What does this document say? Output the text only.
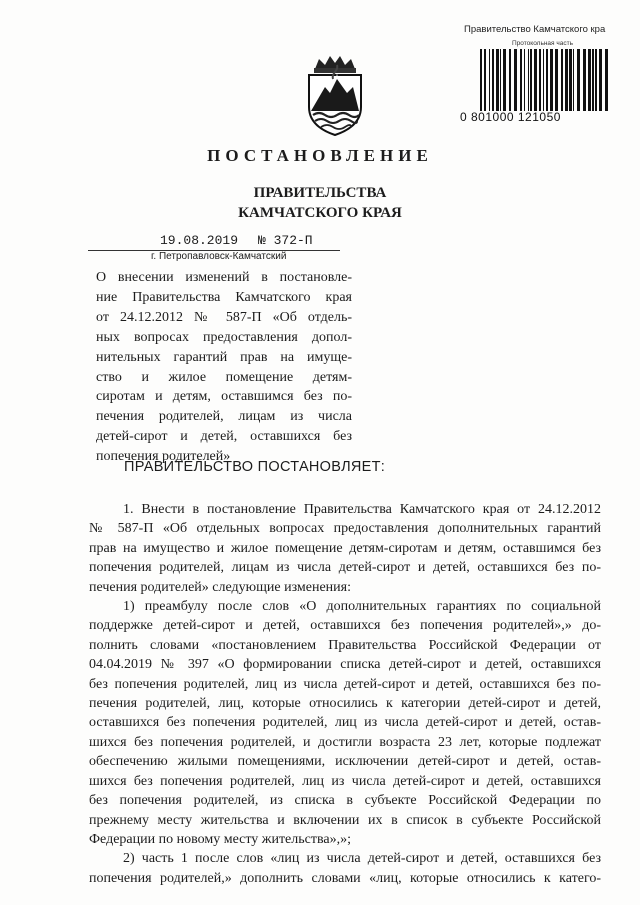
Правительство Камчатского кра
Протокольная часть
0 801000 121050
ПОСТАНОВЛЕНИЕ
ПРАВИТЕЛЬСТВА
КАМЧАТСКОГО КРАЯ
19.08.2019 № 372-П
г. Петропавловск-Камчатский
О внесении изменений в постановле-
ние Правительства Камчатского края
от 24.12.2012 № 587-П «Об отдель-
ных вопросах предоставления допол-
нительных гарантий прав на имуще-
ство и жилое помещение детям-
сиротам и детям, оставшимся без по-
печения родителей, лицам из числа
детей-сирот и детей, оставшихся без
попечения родителей»
ПРАВИТЕЛЬСТВО ПОСТАНОВЛЯЕТ:
1. Внести в постановление Правительства Камчатского края от 24.12.2012
№ 587-П «Об отдельных вопросах предоставления дополнительных гарантий
прав на имущество и жилое помещение детям-сиротам и детям, оставшимся без
попечения родителей, лицам из числа детей-сирот и детей, оставшихся без по-
печения родителей» следующие изменения:
1) преамбулу после слов «О дополнительных гарантиях по социальной
поддержке детей-сирот и детей, оставшихся без попечения родителей»,» до-
полнить словами «постановлением Правительства Российской Федерации от
04.04.2019 № 397 «О формировании списка детей-сирот и детей, оставшихся
без попечения родителей, лиц из числа детей-сирот и детей, оставшихся без по-
печения родителей, лиц, которые относились к категории детей-сирот и детей,
оставшихся без попечения родителей, лиц из числа детей-сирот и детей, остав-
шихся без попечения родителей, и достигли возраста 23 лет, которые подлежат
обеспечению жилыми помещениями, исключении детей-сирот и детей, остав-
шихся без попечения родителей, лиц из числа детей-сирот и детей, оставшихся
без попечения родителей, из списка в субъекте Российской Федерации по
прежнему месту жительства и включении их в список в субъекте Российской
Федерации по новому месту жительства»,»;
2) часть 1 после слов «лиц из числа детей-сирот и детей, оставшихся без
попечения родителей,» дополнить словами «лиц, которые относились к катего-
